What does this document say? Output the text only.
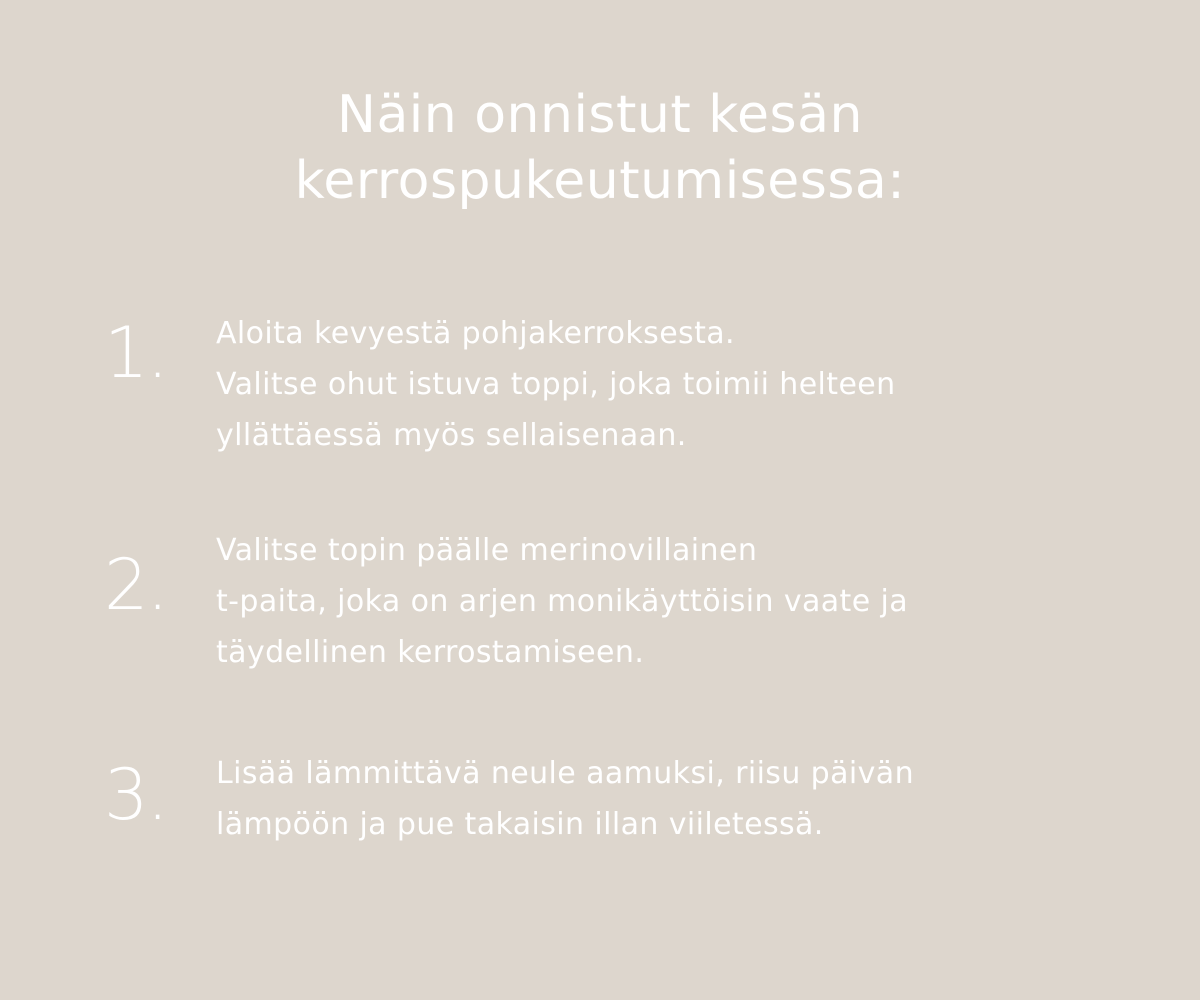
Näin onnistut kesän
kerrospukeutumisessa:
1.	Aloita kevyestä pohjakerroksesta.
Valitse ohut istuva toppi, joka toimii helteen
yllättäessä myös sellaisenaan.
2.	Valitse topin päälle merinovillainen
t-paita, joka on arjen monikäyttöisin vaate ja
täydellinen kerrostamiseen.
3.	Lisää lämmittävä neule aamuksi, riisu päivän
lämpöön ja pue takaisin illan viiletessä.
